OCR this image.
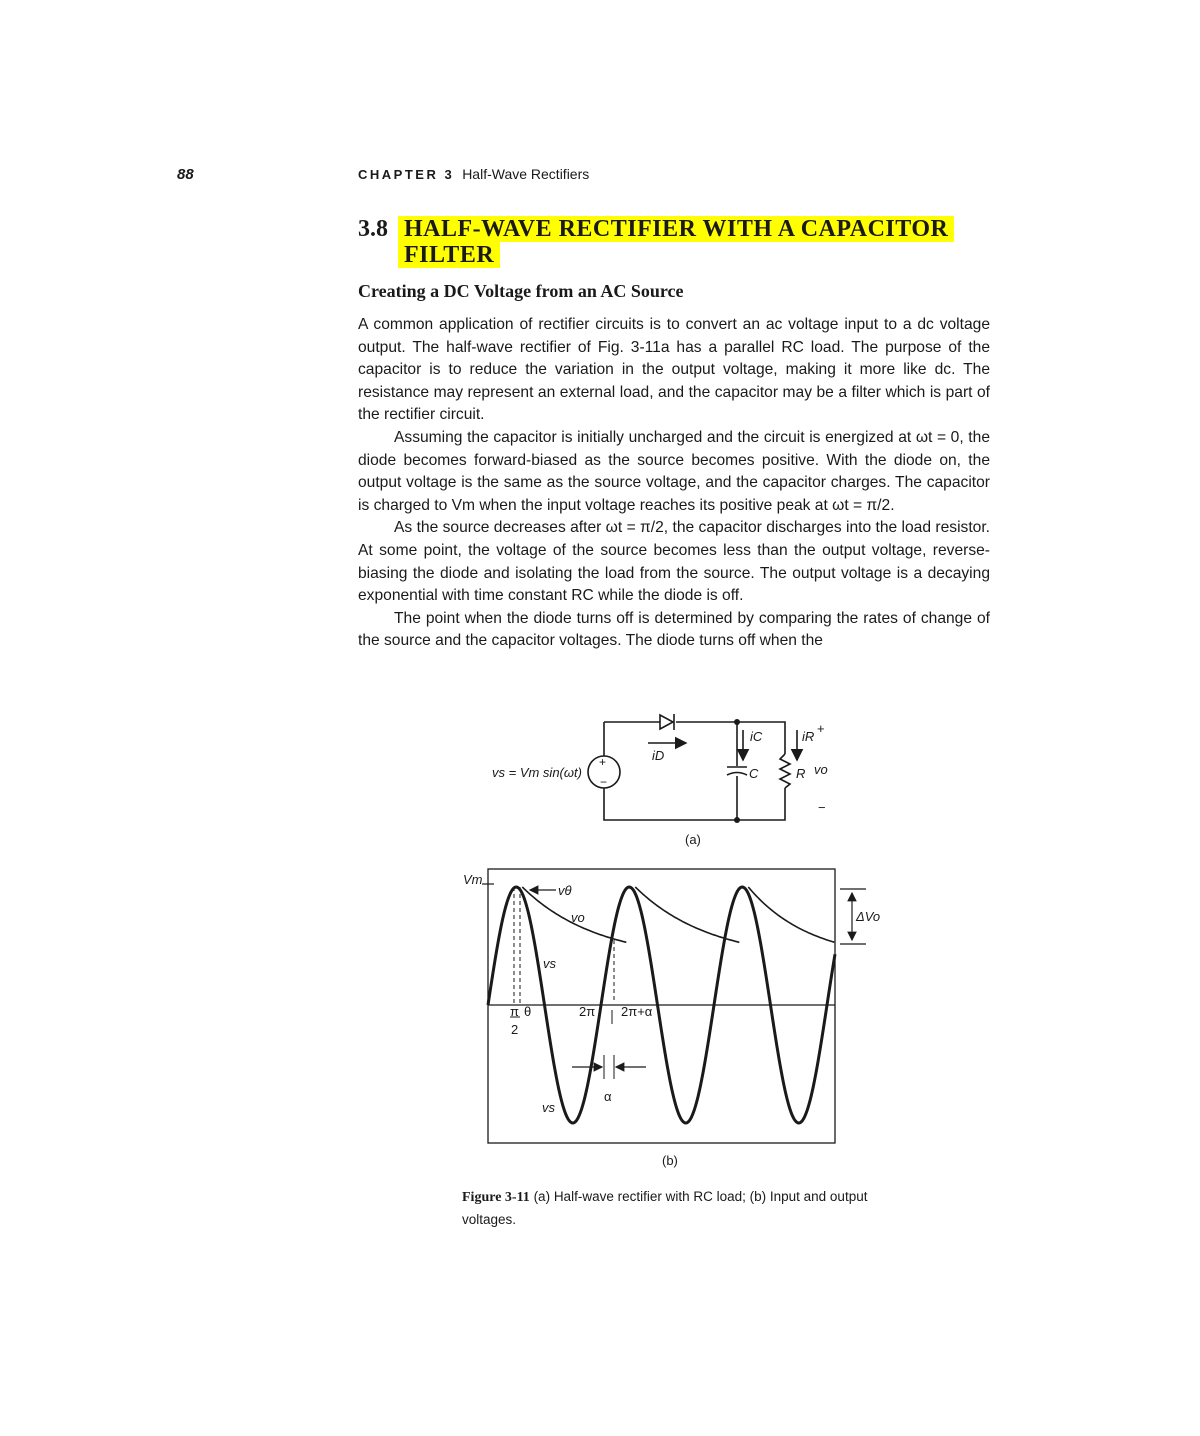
88	CHAPTER 3 Half-Wave Rectifiers
3.8 HALF-WAVE RECTIFIER WITH A CAPACITOR FILTER
Creating a DC Voltage from an AC Source

A common application of rectifier circuits is to convert an ac voltage input to a dc voltage output. The half-wave rectifier of Fig. 3-11a has a parallel RC load. The purpose of the capacitor is to reduce the variation in the output voltage, making it more like dc. The resistance may represent an external load, and the capacitor may be a filter which is part of the rectifier circuit.

Assuming the capacitor is initially uncharged and the circuit is energized at ωt = 0, the diode becomes forward-biased as the source becomes positive. With the diode on, the output voltage is the same as the source voltage, and the capacitor charges. The capacitor is charged to Vm when the input voltage reaches its positive peak at ωt = π/2.

As the source decreases after ωt = π/2, the capacitor discharges into the load resistor. At some point, the voltage of the source becomes less than the output voltage, reverse-biasing the diode and isolating the load from the source. The output voltage is a decaying exponential with time constant RC while the diode is off.

The point when the diode turns off is determined by comparing the rates of change of the source and the capacitor voltages. The diode turns off when the

+
−
vs = Vm sin(ωt)
iD
iC	iR
C	R vo
+
−
(a)
Vm
vθ
vo
vs
vs
π
2
θ	2π 2π+α
α
ΔVo
(b)
Figure 3-11 (a) Half-wave rectifier with RC load; (b) Input and output voltages.
